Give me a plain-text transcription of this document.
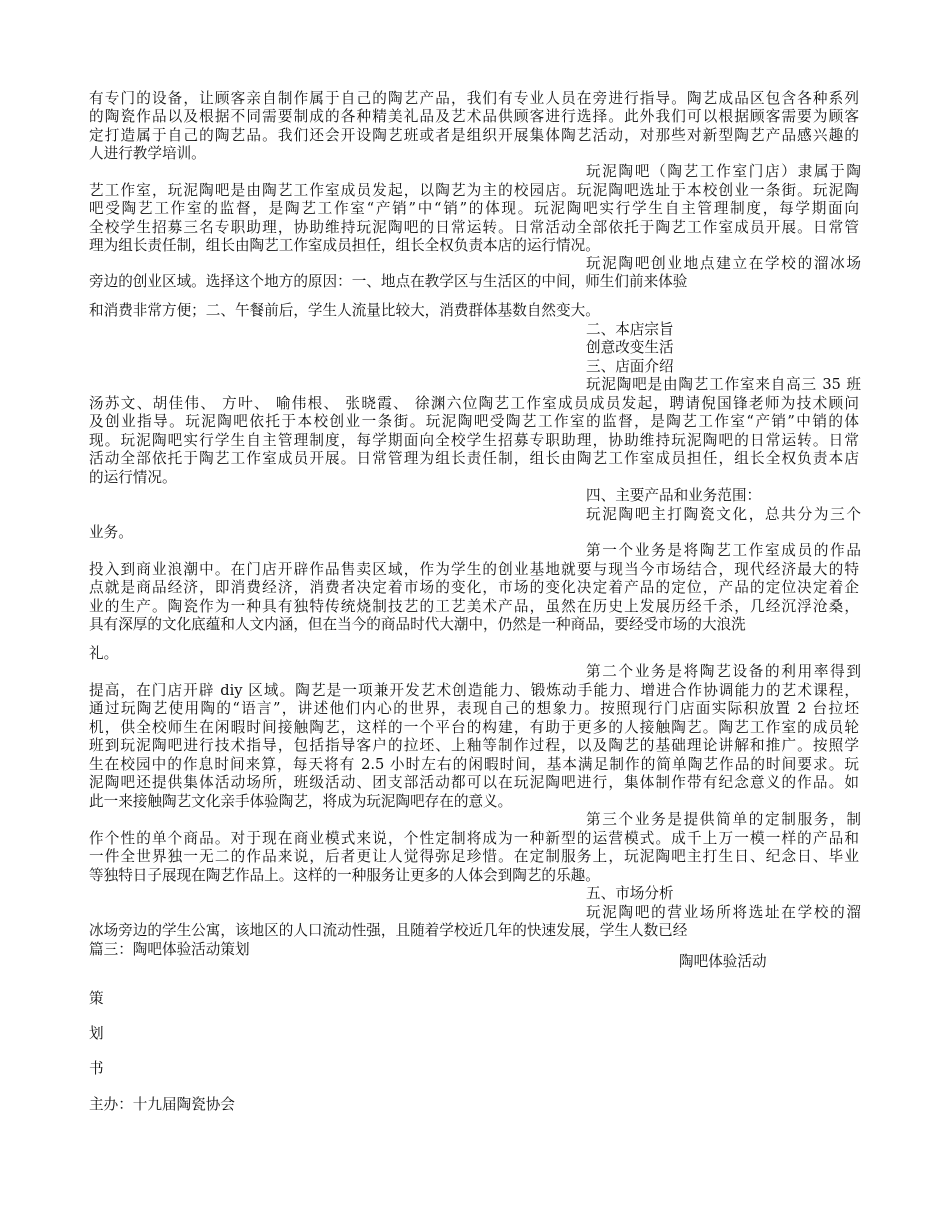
有专门的设备，让顾客亲自制作属于自己的陶艺产品，我们有专业人员在旁进行指导。陶艺成品区包含各种系列
的陶瓷作品以及根据不同需要制成的各种精美礼品及艺术品供顾客进行选择。此外我们可以根据顾客需要为顾客
定打造属于自己的陶艺品。我们还会开设陶艺班或者是组织开展集体陶艺活动，对那些对新型陶艺产品感兴趣的
人进行教学培训。
玩泥陶吧（陶艺工作室门店）隶属于陶
艺工作室，玩泥陶吧是由陶艺工作室成员发起，以陶艺为主的校园店。玩泥陶吧选址于本校创业一条街。玩泥陶
吧受陶艺工作室的监督，是陶艺工作室“产销”中“销”的体现。玩泥陶吧实行学生自主管理制度，每学期面向
全校学生招募三名专职助理，协助维持玩泥陶吧的日常运转。日常活动全部依托于陶艺工作室成员开展。日常管
理为组长责任制，组长由陶艺工作室成员担任，组长全权负责本店的运行情况。
玩泥陶吧创业地点建立在学校的溜冰场
旁边的创业区域。选择这个地方的原因：一、地点在教学区与生活区的中间，师生们前来体验
和消费非常方便；二、午餐前后，学生人流量比较大，消费群体基数自然变大。
二、本店宗旨
创意改变生活
三、店面介绍
玩泥陶吧是由陶艺工作室来自高三 35 班
汤苏文、胡佳伟、 方叶、 喻伟根、 张晓霞、 徐渊六位陶艺工作室成员成员发起，聘请倪国锋老师为技术顾问
及创业指导。玩泥陶吧依托于本校创业一条街。玩泥陶吧受陶艺工作室的监督，是陶艺工作室“产销”中销的体
现。玩泥陶吧实行学生自主管理制度，每学期面向全校学生招募专职助理，协助维持玩泥陶吧的日常运转。日常
活动全部依托于陶艺工作室成员开展。日常管理为组长责任制，组长由陶艺工作室成员担任，组长全权负责本店
的运行情况。
四、主要产品和业务范围：
玩泥陶吧主打陶瓷文化，总共分为三个
业务。
第一个业务是将陶艺工作室成员的作品
投入到商业浪潮中。在门店开辟作品售卖区域，作为学生的创业基地就要与现当今市场结合，现代经济最大的特
点就是商品经济，即消费经济，消费者决定着市场的变化，市场的变化决定着产品的定位，产品的定位决定着企
业的生产。陶瓷作为一种具有独特传统烧制技艺的工艺美术产品，虽然在历史上发展历经千杀，几经沉浮沧桑，
具有深厚的文化底蕴和人文内涵，但在当今的商品时代大潮中，仍然是一种商品，要经受市场的大浪洗
礼。
第二个业务是将陶艺设备的利用率得到
提高，在门店开辟 diy 区域。陶艺是一项兼开发艺术创造能力、锻炼动手能力、增进合作协调能力的艺术课程，
通过玩陶艺使用陶的“语言”，讲述他们内心的世界，表现自己的想象力。按照现行门店面实际积放置 2 台拉坯
机，供全校师生在闲暇时间接触陶艺，这样的一个平台的构建，有助于更多的人接触陶艺。陶艺工作室的成员轮
班到玩泥陶吧进行技术指导，包括指导客户的拉坯、上釉等制作过程，以及陶艺的基础理论讲解和推广。按照学
生在校园中的作息时间来算，每天将有 2.5 小时左右的闲暇时间，基本满足制作的简单陶艺作品的时间要求。玩
泥陶吧还提供集体活动场所，班级活动、团支部活动都可以在玩泥陶吧进行，集体制作带有纪念意义的作品。如
此一来接触陶艺文化亲手体验陶艺，将成为玩泥陶吧存在的意义。
第三个业务是提供简单的定制服务，制
作个性的单个商品。对于现在商业模式来说，个性定制将成为一种新型的运营模式。成千上万一模一样的产品和
一件全世界独一无二的作品来说，后者更让人觉得弥足珍惜。在定制服务上，玩泥陶吧主打生日、纪念日、毕业
等独特日子展现在陶艺作品上。这样的一种服务让更多的人体会到陶艺的乐趣。
五、市场分析
玩泥陶吧的营业场所将选址在学校的溜
冰场旁边的学生公寓，该地区的人口流动性强，且随着学校近几年的快速发展，学生人数已经
篇三：陶吧体验活动策划
陶吧体验活动
策
划
书
主办：十九届陶瓷协会
